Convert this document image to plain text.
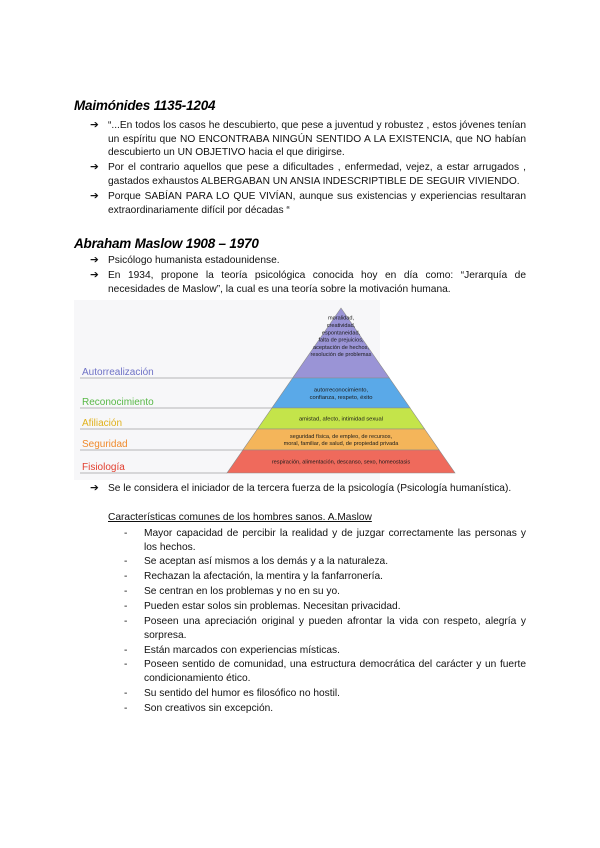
Maimónides 1135-1204
➔ “...En todos los casos he descubierto, que pese a juventud y robustez , estos jóvenes tenían un espíritu que NO ENCONTRABA NINGÚN SENTIDO A LA EXISTENCIA, que NO habían descubierto un UN OBJETIVO hacia el que dirigirse.
➔ Por el contrario aquellos que pese a dificultades , enfermedad, vejez, a estar arrugados , gastados exhaustos ALBERGABAN UN ANSIA INDESCRIPTIBLE DE SEGUIR VIVIENDO.
➔ Porque SABÍAN PARA LO QUE VIVÍAN, aunque sus existencias y experiencias resultaran extraordinariamente difícil por décadas “
Abraham Maslow 1908 – 1970
➔ Psicólogo humanista estadounidense.
➔ En 1934, propone la teoría psicológica conocida hoy en día como: “Jerarquía de necesidades de Maslow”, la cual es una teoría sobre la motivación humana.
Autorrealización
moralidad,
creatividad,
espontaneidad,
falta de prejuicios,
aceptación de hechos,
resolución de problemas
Reconocimiento
autorreconocimiento,
confianza, respeto, éxito
Afiliación	amistad, afecto, intimidad sexual
Seguridad
seguridad física, de empleo, de recursos,
moral, familiar, de salud, de propiedad privada
Fisiología	respiración, alimentación, descanso, sexo, homeostasis
➔ Se le considera el iniciador de la tercera fuerza de la psicología (Psicología humanística).
Características comunes de los hombres sanos. A.Maslow
- Mayor capacidad de percibir la realidad y de juzgar correctamente las personas y los hechos.
- Se aceptan así mismos a los demás y a la naturaleza.
- Rechazan la afectación, la mentira y la fanfarronería.
- Se centran en los problemas y no en su yo.
- Pueden estar solos sin problemas. Necesitan privacidad.
- Poseen una apreciación original y pueden afrontar la vida con respeto, alegría y sorpresa.
- Están marcados con experiencias místicas.
- Poseen sentido de comunidad, una estructura democrática del carácter y un fuerte condicionamiento ético.
- Su sentido del humor es filosófico no hostil.
- Son creativos sin excepción.
